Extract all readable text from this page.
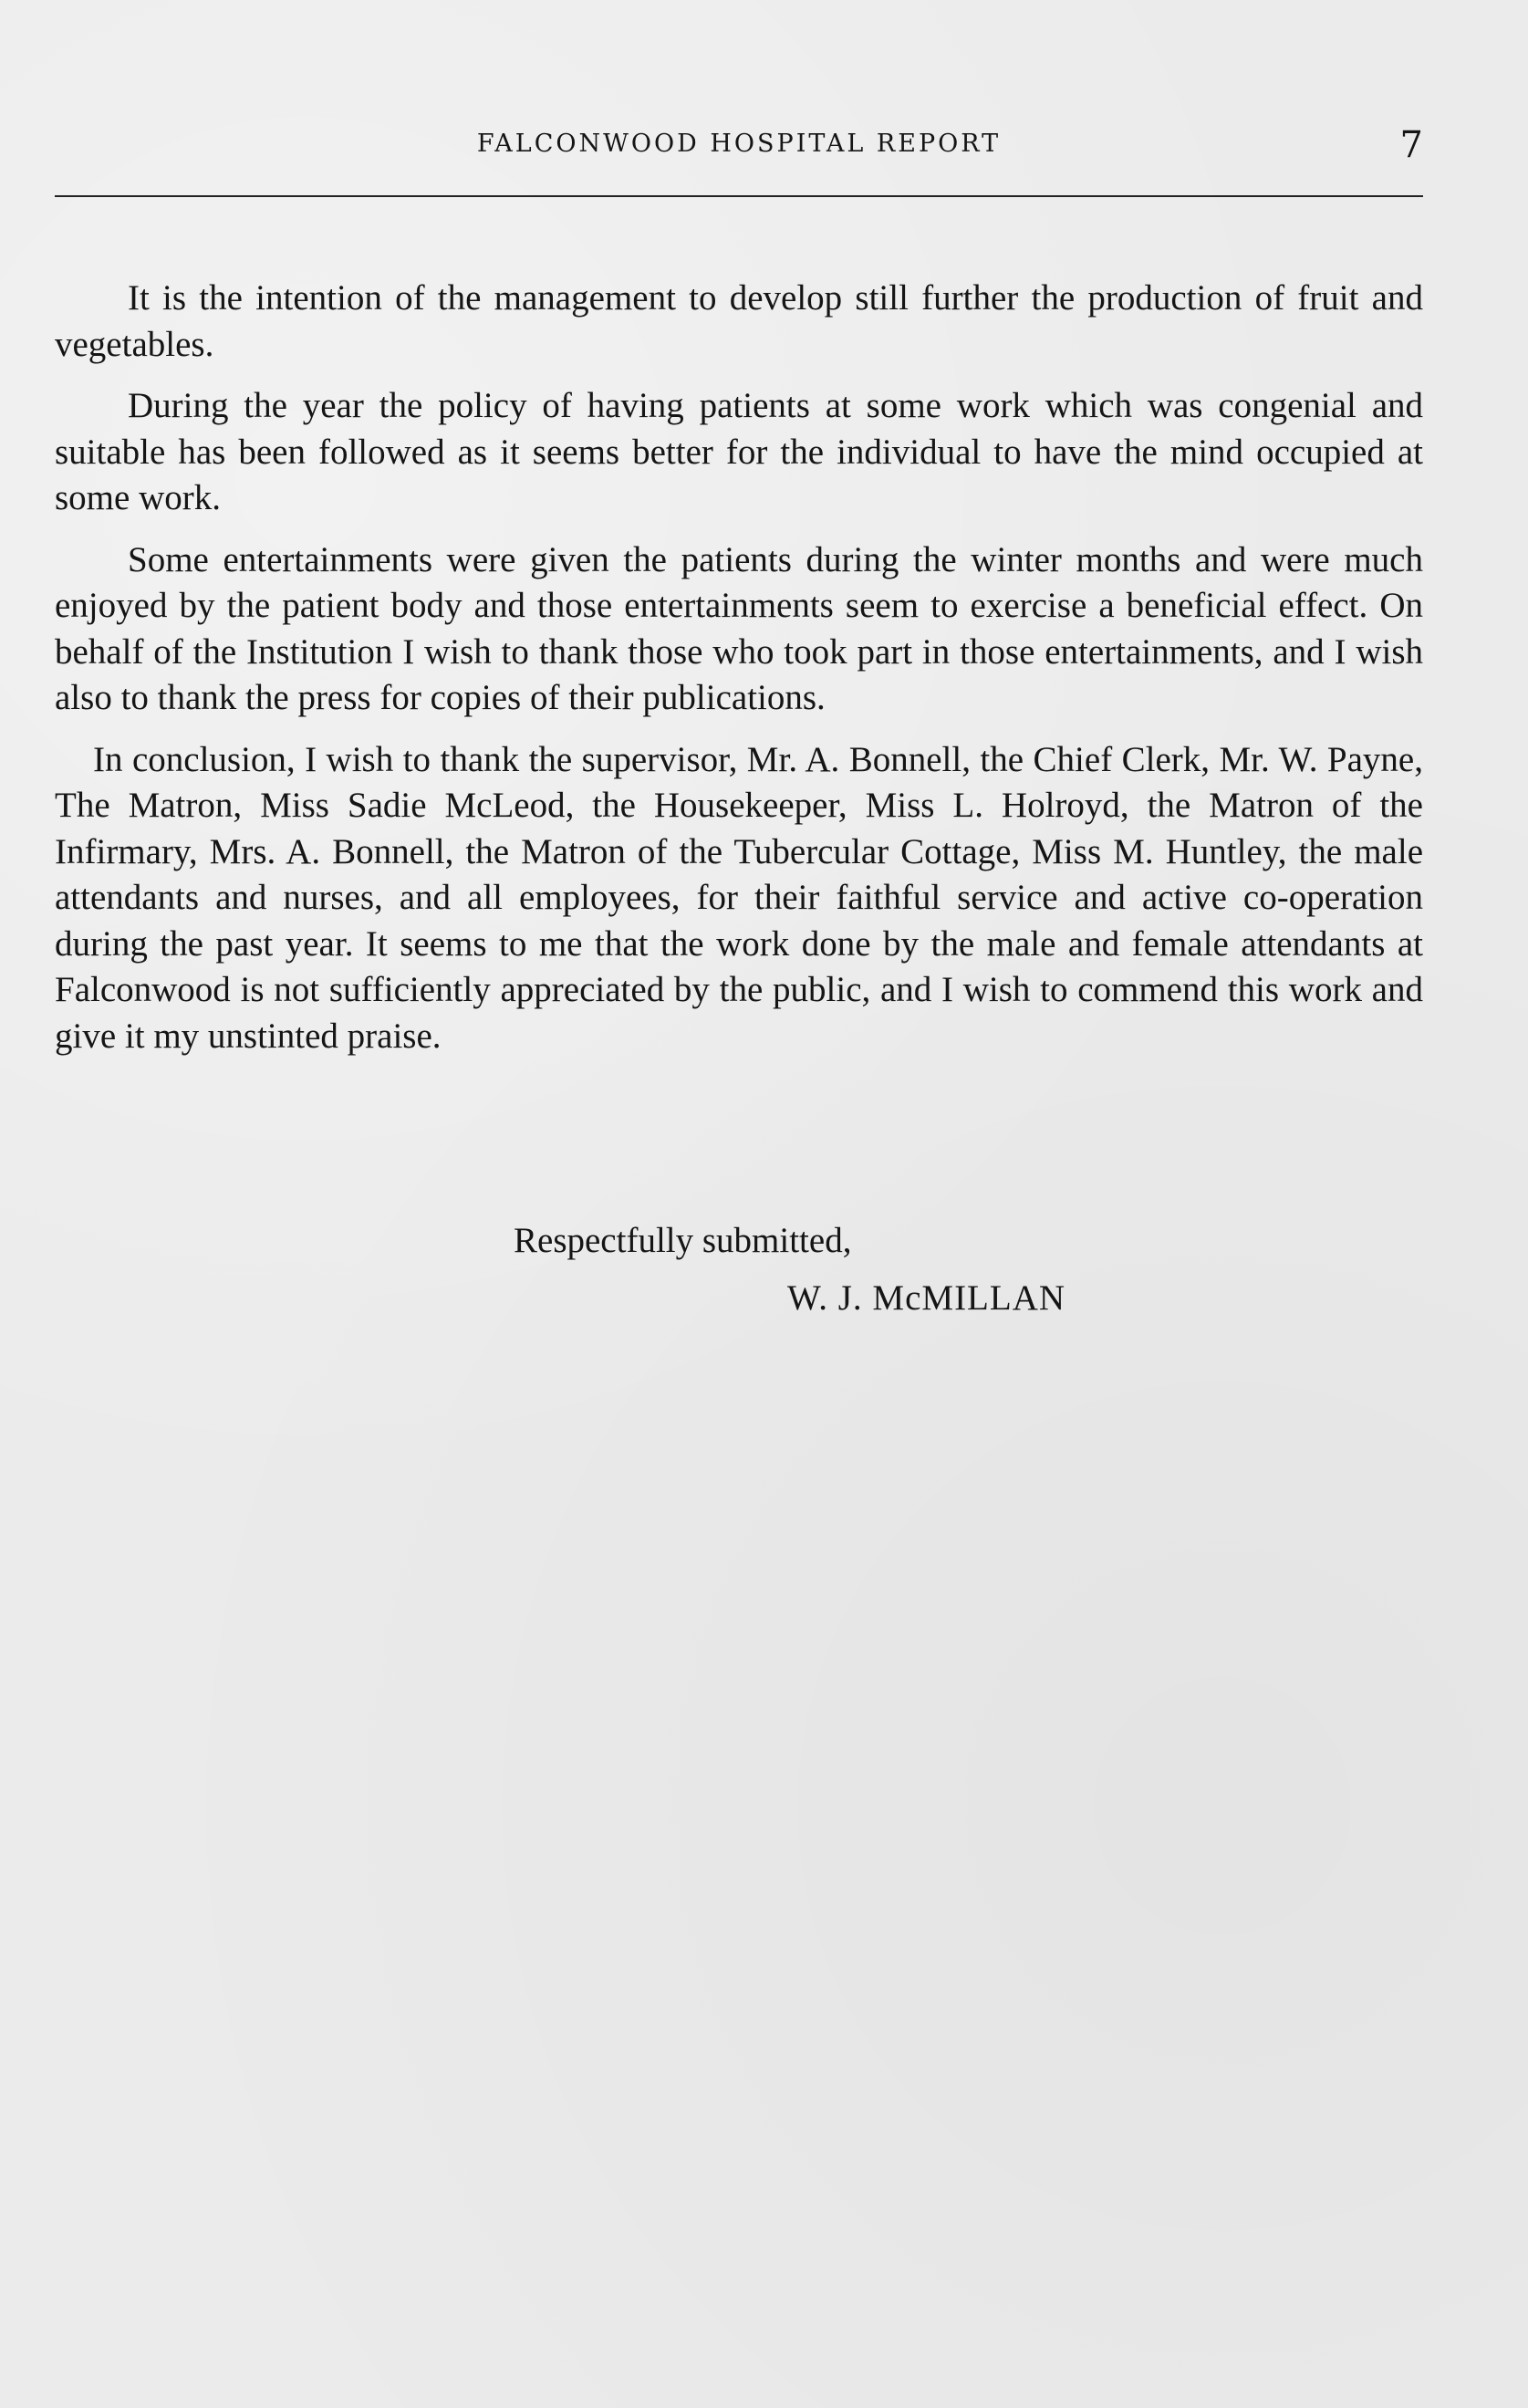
FALCONWOOD HOSPITAL REPORT	7

It is the intention of the management to develop still further the production of fruit and vegetables.

During the year the policy of having patients at some work which was congenial and suitable has been followed as it seems better for the individual to have the mind occupied at some work.

Some entertainments were given the patients during the winter months and were much enjoyed by the patient body and those entertainments seem to exercise a beneficial effect. On behalf of the Institution I wish to thank those who took part in those entertainments, and I wish also to thank the press for copies of their publications.

In conclusion, I wish to thank the supervisor, Mr. A. Bonnell, the Chief Clerk, Mr. W. Payne, The Matron, Miss Sadie McLeod, the Housekeeper, Miss L. Holroyd, the Matron of the Infirmary, Mrs. A. Bonnell, the Matron of the Tubercular Cottage, Miss M. Huntley, the male attendants and nurses, and all employees, for their faithful service and active co-operation during the past year. It seems to me that the work done by the male and female attendants at Falconwood is not sufficiently appreciated by the public, and I wish to commend this work and give it my unstinted praise.

Respectfully submitted,
W. J. McMILLAN
